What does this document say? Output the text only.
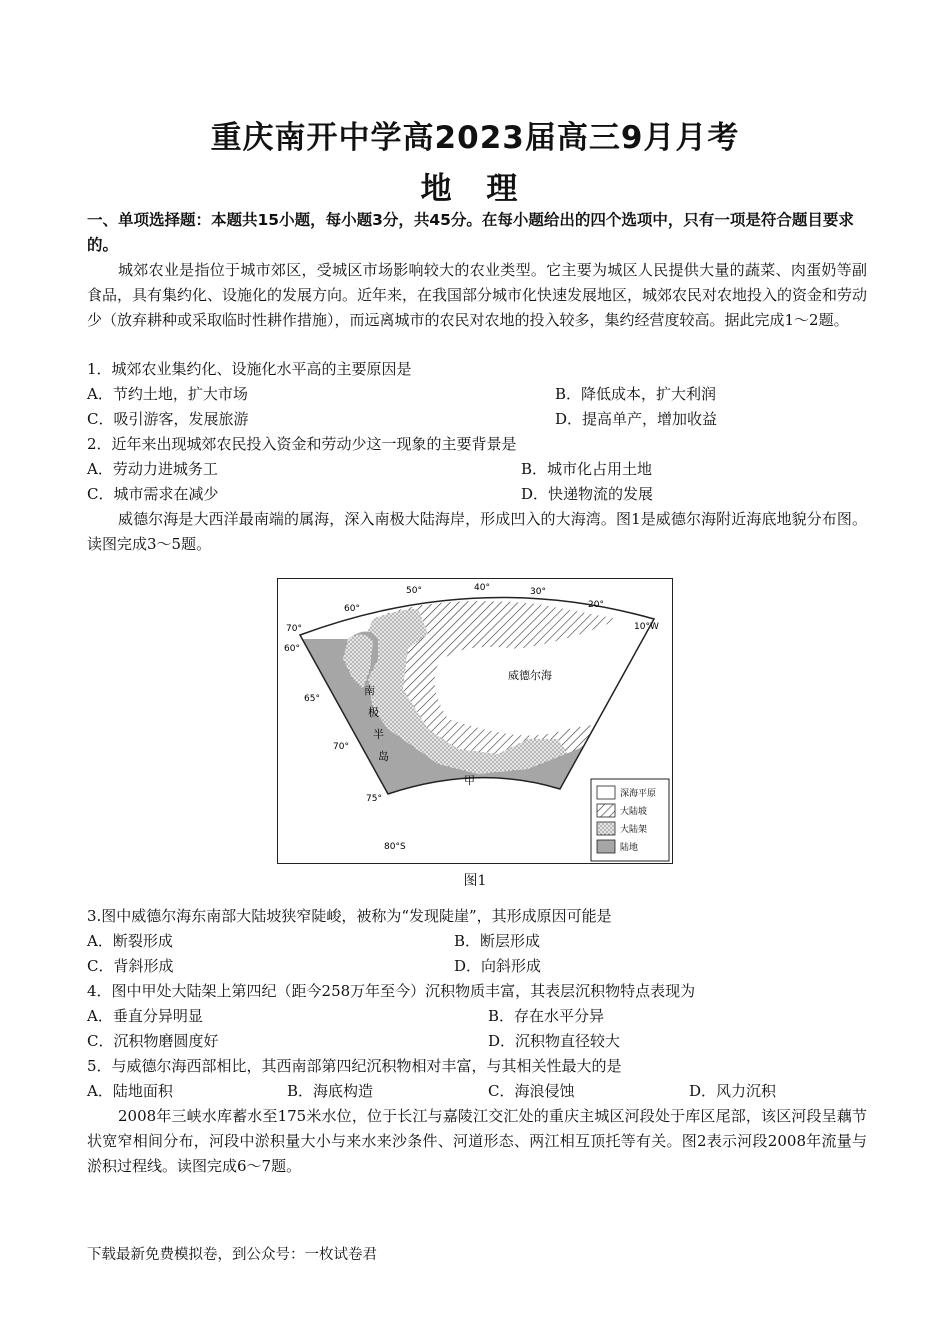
重庆南开中学高2023届高三9月月考
地 理
一、单项选择题：本题共15小题，每小题3分，共45分。在每小题给出的四个选项中，只有一项是符合题目要求的。
城郊农业是指位于城市郊区，受城区市场影响较大的农业类型。它主要为城区人民提供大量的蔬菜、肉蛋奶等副食品，具有集约化、设施化的发展方向。近年来，在我国部分城市化快速发展地区，城郊农民对农地投入的资金和劳动少（放弃耕种或采取临时性耕作措施），而远离城市的农民对农地的投入较多，集约经营度较高。据此完成1～2题。
1．城郊农业集约化、设施化水平高的主要原因是
A．节约土地，扩大市场	B．降低成本，扩大利润
C．吸引游客，发展旅游	D．提高单产，增加收益
2．近年来出现城郊农民投入资金和劳动少这一现象的主要背景是
A．劳动力进城务工	B．城市化占用土地
C．城市需求在减少	D．快递物流的发展
威德尔海是大西洋最南端的属海，深入南极大陆海岸，形成凹入的大海湾。图1是威德尔海附近海底地貌分布图。读图完成3～5题。
威德尔海
甲
南
极
半
岛
70°
60°
50°	40°	30°
20°
10°W
60°
65°
70°
75°
80°S
深海平原
大陆坡
大陆架
陆地
图1
3.图中威德尔海东南部大陆坡狭窄陡峻，被称为“发现陡崖”，其形成原因可能是
A．断裂形成	B．断层形成
C．背斜形成	D．向斜形成
4．图中甲处大陆架上第四纪（距今258万年至今）沉积物质丰富，其表层沉积物特点表现为
A．垂直分异明显	B．存在水平分异
C．沉积物磨圆度好	D．沉积物直径较大
5．与威德尔海西部相比，其西南部第四纪沉积物相对丰富，与其相关性最大的是
A．陆地面积	B．海底构造	C．海浪侵蚀	D．风力沉积
2008年三峡水库蓄水至175米水位，位于长江与嘉陵江交汇处的重庆主城区河段处于库区尾部，该区河段呈藕节状宽窄相间分布，河段中淤积量大小与来水来沙条件、河道形态、两江相互顶托等有关。图2表示河段2008年流量与淤积过程线。读图完成6～7题。
下载最新免费模拟卷，到公众号：一枚试卷君
